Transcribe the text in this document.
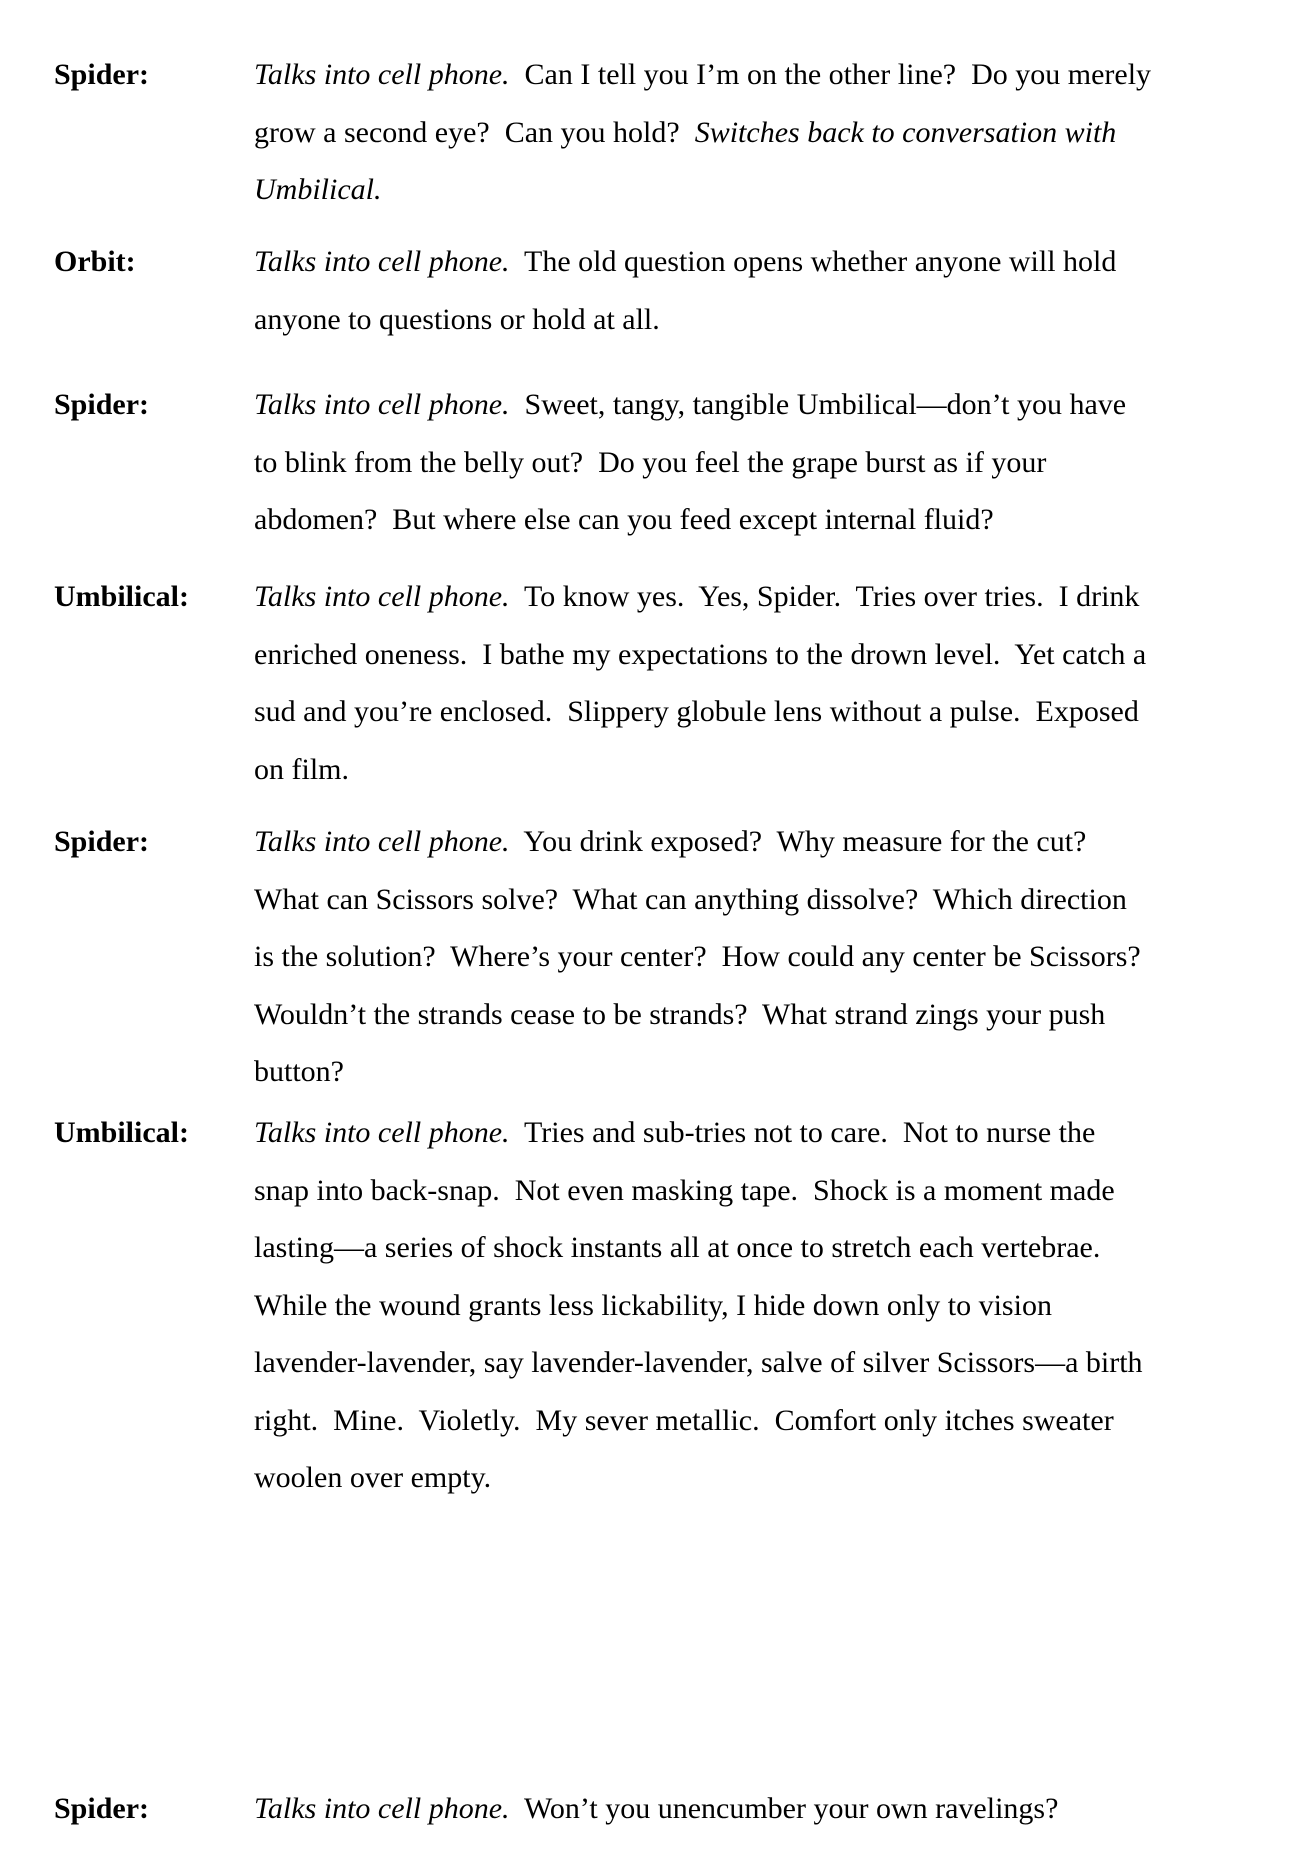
Spider:	Talks into cell phone.  Can I tell you I’m on the other line?  Do you merely
grow a second eye?  Can you hold?  Switches back to conversation with
Umbilical.
Orbit:	Talks into cell phone.  The old question opens whether anyone will hold
anyone to questions or hold at all.
Spider:	Talks into cell phone.  Sweet, tangy, tangible Umbilical—don’t you have
to blink from the belly out?  Do you feel the grape burst as if your
abdomen?  But where else can you feed except internal fluid?
Umbilical: Talks into cell phone.  To know yes.  Yes, Spider.  Tries over tries.  I drink
enriched oneness.  I bathe my expectations to the drown level.  Yet catch a
sud and you’re enclosed.  Slippery globule lens without a pulse.  Exposed
on film.
Spider:	Talks into cell phone.  You drink exposed?  Why measure for the cut?
What can Scissors solve?  What can anything dissolve?  Which direction
is the solution?  Where’s your center?  How could any center be Scissors?
Wouldn’t the strands cease to be strands?  What strand zings your push
button?
Umbilical: Talks into cell phone.  Tries and sub-tries not to care.  Not to nurse the
snap into back-snap.  Not even masking tape.  Shock is a moment made
lasting—a series of shock instants all at once to stretch each vertebrae.
While the wound grants less lickability, I hide down only to vision
lavender-lavender, say lavender-lavender, salve of silver Scissors—a birth
right.  Mine.  Violetly.  My sever metallic.  Comfort only itches sweater
woolen over empty.
Spider:	Talks into cell phone.  Won’t you unencumber your own ravelings?
